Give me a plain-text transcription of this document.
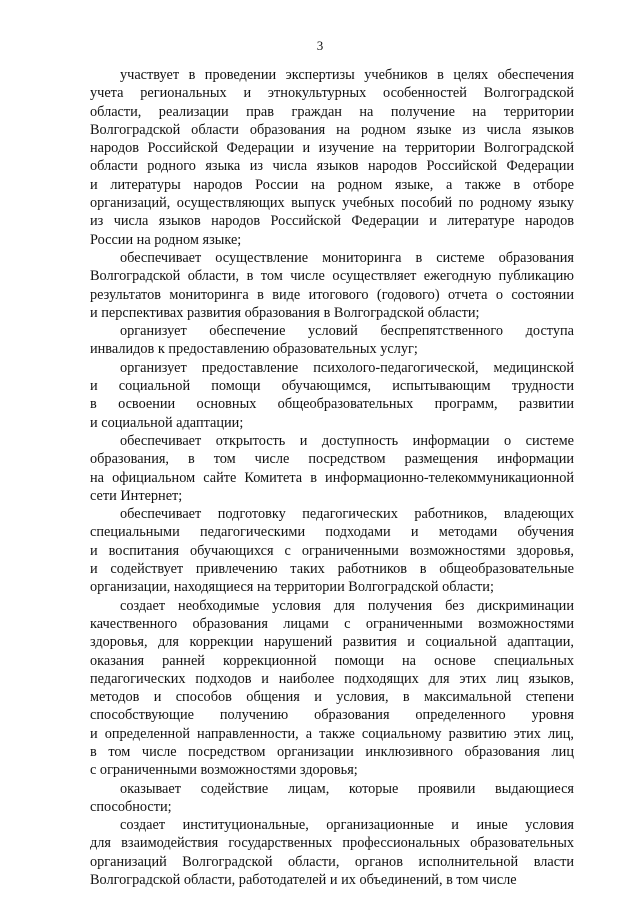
3
участвует в проведении экспертизы учебников в целях обеспечения
учета региональных и этнокультурных особенностей Волгоградской
области, реализации прав граждан на получение на территории
Волгоградской области образования на родном языке из числа языков
народов Российской Федерации и изучение на территории Волгоградской
области родного языка из числа языков народов Российской Федерации
и литературы народов России на родном языке, а также в отборе
организаций, осуществляющих выпуск учебных пособий по родному языку
из числа языков народов Российской Федерации и литературе народов
России на родном языке;
обеспечивает осуществление мониторинга в системе образования
Волгоградской области, в том числе осуществляет ежегодную публикацию
результатов мониторинга в виде итогового (годового) отчета о состоянии
и перспективах развития образования в Волгоградской области;
организует обеспечение условий беспрепятственного доступа
инвалидов к предоставлению образовательных услуг;
организует предоставление психолого-педагогической, медицинской
и социальной помощи обучающимся, испытывающим трудности
в освоении основных общеобразовательных программ, развитии
и социальной адаптации;
обеспечивает открытость и доступность информации о системе
образования, в том числе посредством размещения информации
на официальном сайте Комитета в информационно-телекоммуникационной
сети Интернет;
обеспечивает подготовку педагогических работников, владеющих
специальными педагогическими подходами и методами обучения
и воспитания обучающихся с ограниченными возможностями здоровья,
и содействует привлечению таких работников в общеобразовательные
организации, находящиеся на территории Волгоградской области;
создает необходимые условия для получения без дискриминации
качественного образования лицами с ограниченными возможностями
здоровья, для коррекции нарушений развития и социальной адаптации,
оказания ранней коррекционной помощи на основе специальных
педагогических подходов и наиболее подходящих для этих лиц языков,
методов и способов общения и условия, в максимальной степени
способствующие получению образования определенного уровня
и определенной направленности, а также социальному развитию этих лиц,
в том числе посредством организации инклюзивного образования лиц
с ограниченными возможностями здоровья;
оказывает содействие лицам, которые проявили выдающиеся
способности;
создает институциональные, организационные и иные условия
для взаимодействия государственных профессиональных образовательных
организаций Волгоградской области, органов исполнительной власти
Волгоградской области, работодателей и их объединений, в том числе
